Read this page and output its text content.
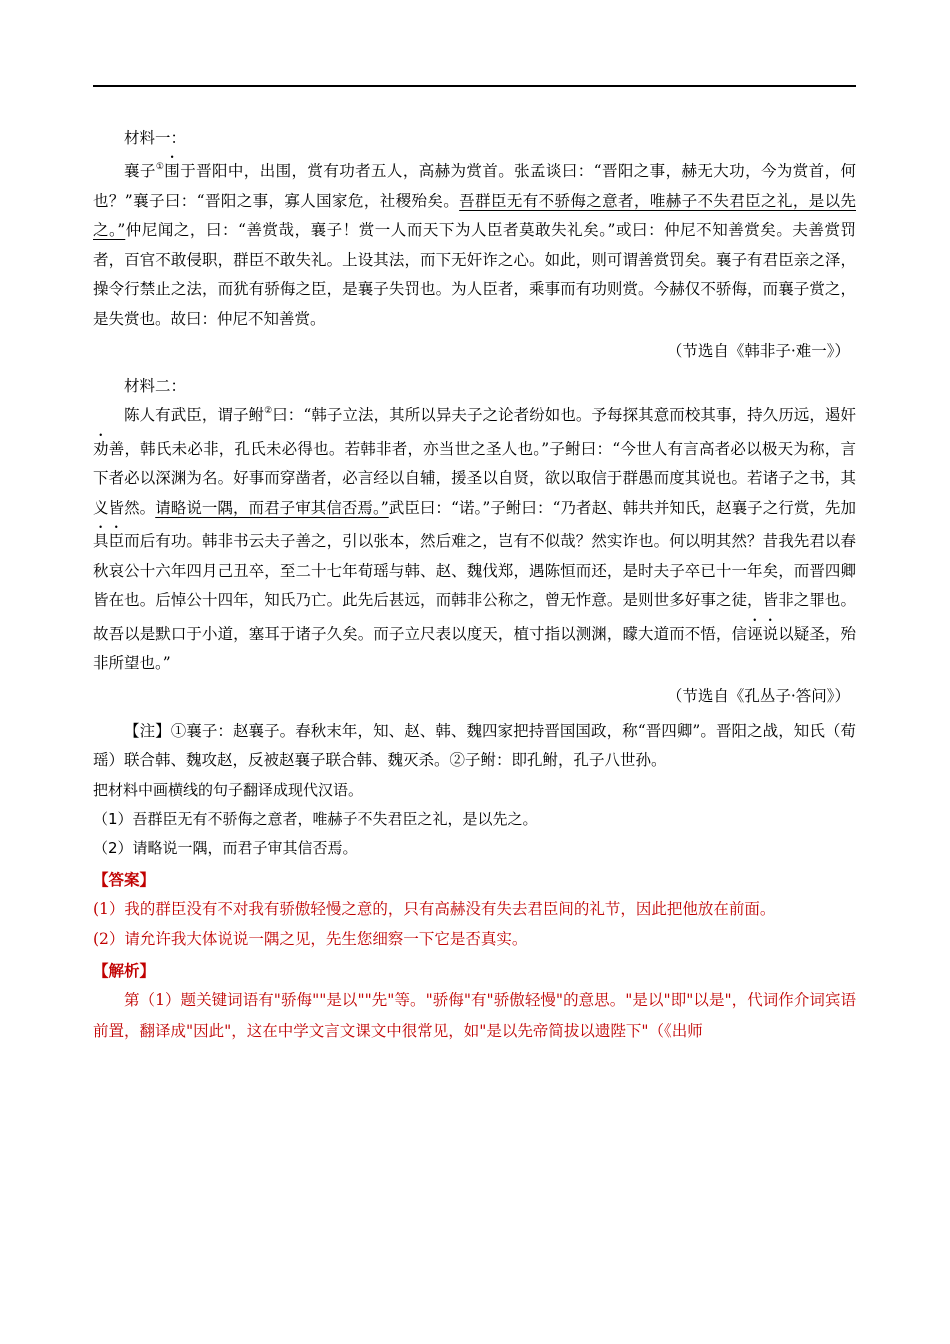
材料一：

襄子①围于晋阳中，出围，赏有功者五人，高赫为赏首。张孟谈曰：“晋阳之事，赫无大功，今为赏首，何也？”襄子曰：“晋阳之事，寡人国家危，社稷殆矣。吾群臣无有不骄侮之意者，唯赫子不失君臣之礼，是以先之。”仲尼闻之，曰：“善赏哉，襄子！赏一人而天下为人臣者莫敢失礼矣。”或曰：仲尼不知善赏矣。夫善赏罚者，百官不敢侵职，群臣不敢失礼。上设其法，而下无奸诈之心。如此，则可谓善赏罚矣。襄子有君臣亲之泽，操令行禁止之法，而犹有骄侮之臣，是襄子失罚也。为人臣者，乘事而有功则赏。今赫仅不骄侮，而襄子赏之，是失赏也。故曰：仲尼不知善赏。

（节选自《韩非子·难一》）

材料二：

陈人有武臣，谓子鲋②曰：“韩子立法，其所以异夫子之论者纷如也。予每探其意而校其事，持久历远，遏奸劝善，韩氏未必非，孔氏未必得也。若韩非者，亦当世之圣人也。”子鲋曰：“今世人有言高者必以极天为称，言下者必以深渊为名。好事而穿凿者，必言经以自辅，援圣以自贤，欲以取信于群愚而度其说也。若诸子之书，其义皆然。请略说一隅，而君子审其信否焉。”武臣曰：“诺。”子鲋曰：“乃者赵、韩共并知氏，赵襄子之行赏，先加具臣而后有功。韩非书云夫子善之，引以张本，然后难之，岂有不似哉？然实诈也。何以明其然？昔我先君以春秋哀公十六年四月己丑卒，至二十七年荀瑶与韩、赵、魏伐郑，遇陈恒而还，是时夫子卒已十一年矣，而晋四卿皆在也。后悼公十四年，知氏乃亡。此先后甚远，而韩非公称之，曾无怍意。是则世多好事之徒，皆非之罪也。故吾以是默口于小道，塞耳于诸子久矣。而子立尺表以度天，植寸指以测渊，矇大道而不悟，信诬说以疑圣，殆非所望也。”

（节选自《孔丛子·答问》）

【注】①襄子：赵襄子。春秋末年，知、赵、韩、魏四家把持晋国国政，称“晋四卿”。晋阳之战，知氏（荀瑶）联合韩、魏攻赵，反被赵襄子联合韩、魏灭杀。②子鲋：即孔鲋，孔子八世孙。

把材料中画横线的句子翻译成现代汉语。

（1）吾群臣无有不骄侮之意者，唯赫子不失君臣之礼，是以先之。

（2）请略说一隅，而君子审其信否焉。

【答案】

(1）我的群臣没有不对我有骄傲轻慢之意的，只有高赫没有失去君臣间的礼节，因此把他放在前面。

(2）请允许我大体说说一隅之见，先生您细察一下它是否真实。

【解析】

第（1）题关键词语有"骄侮""是以""先"等。"骄侮"有"骄傲轻慢"的意思。"是以"即"以是"，代词作介词宾语前置，翻译成"因此"，这在中学文言文课文中很常见，如"是以先帝简拔以遗陛下"（《出师
